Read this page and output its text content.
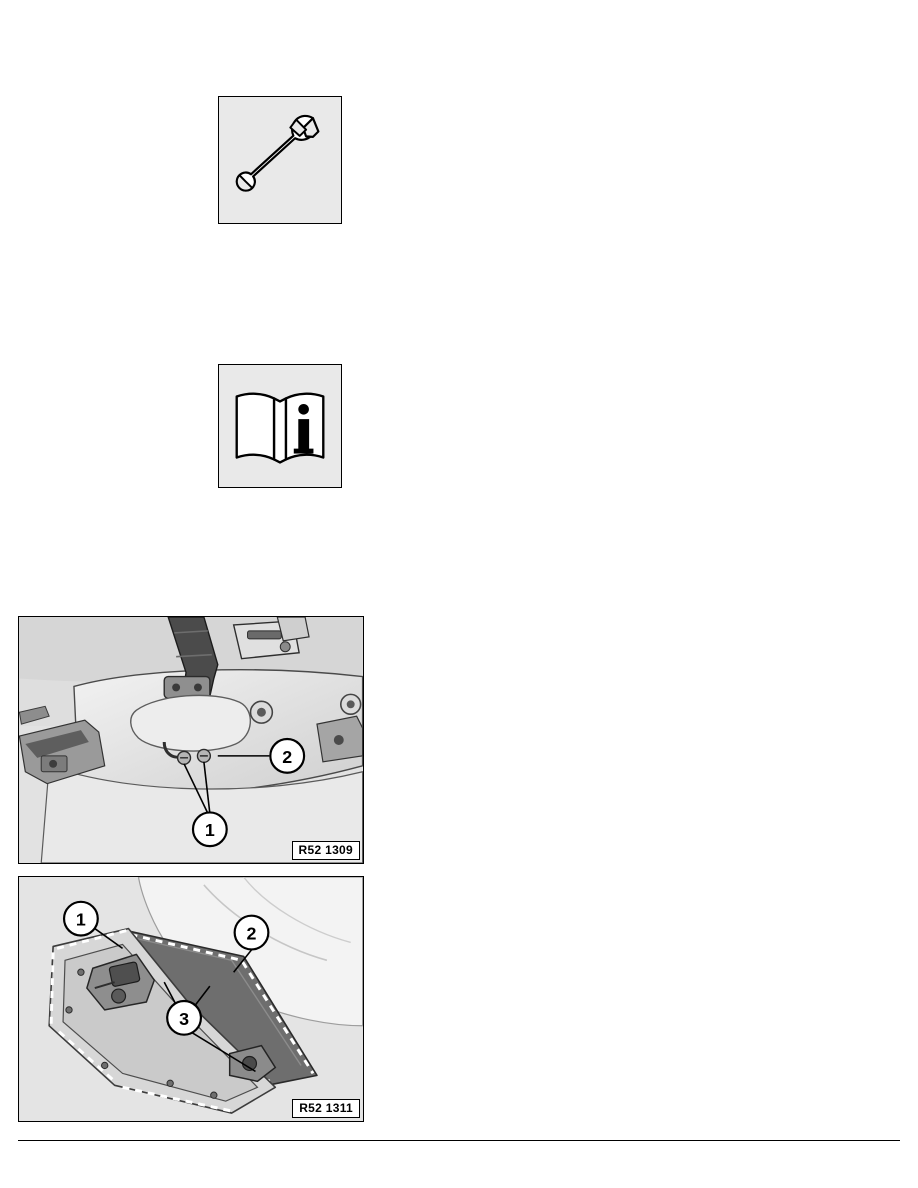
2
1
R52 1309
1
2
3
R52 1311
